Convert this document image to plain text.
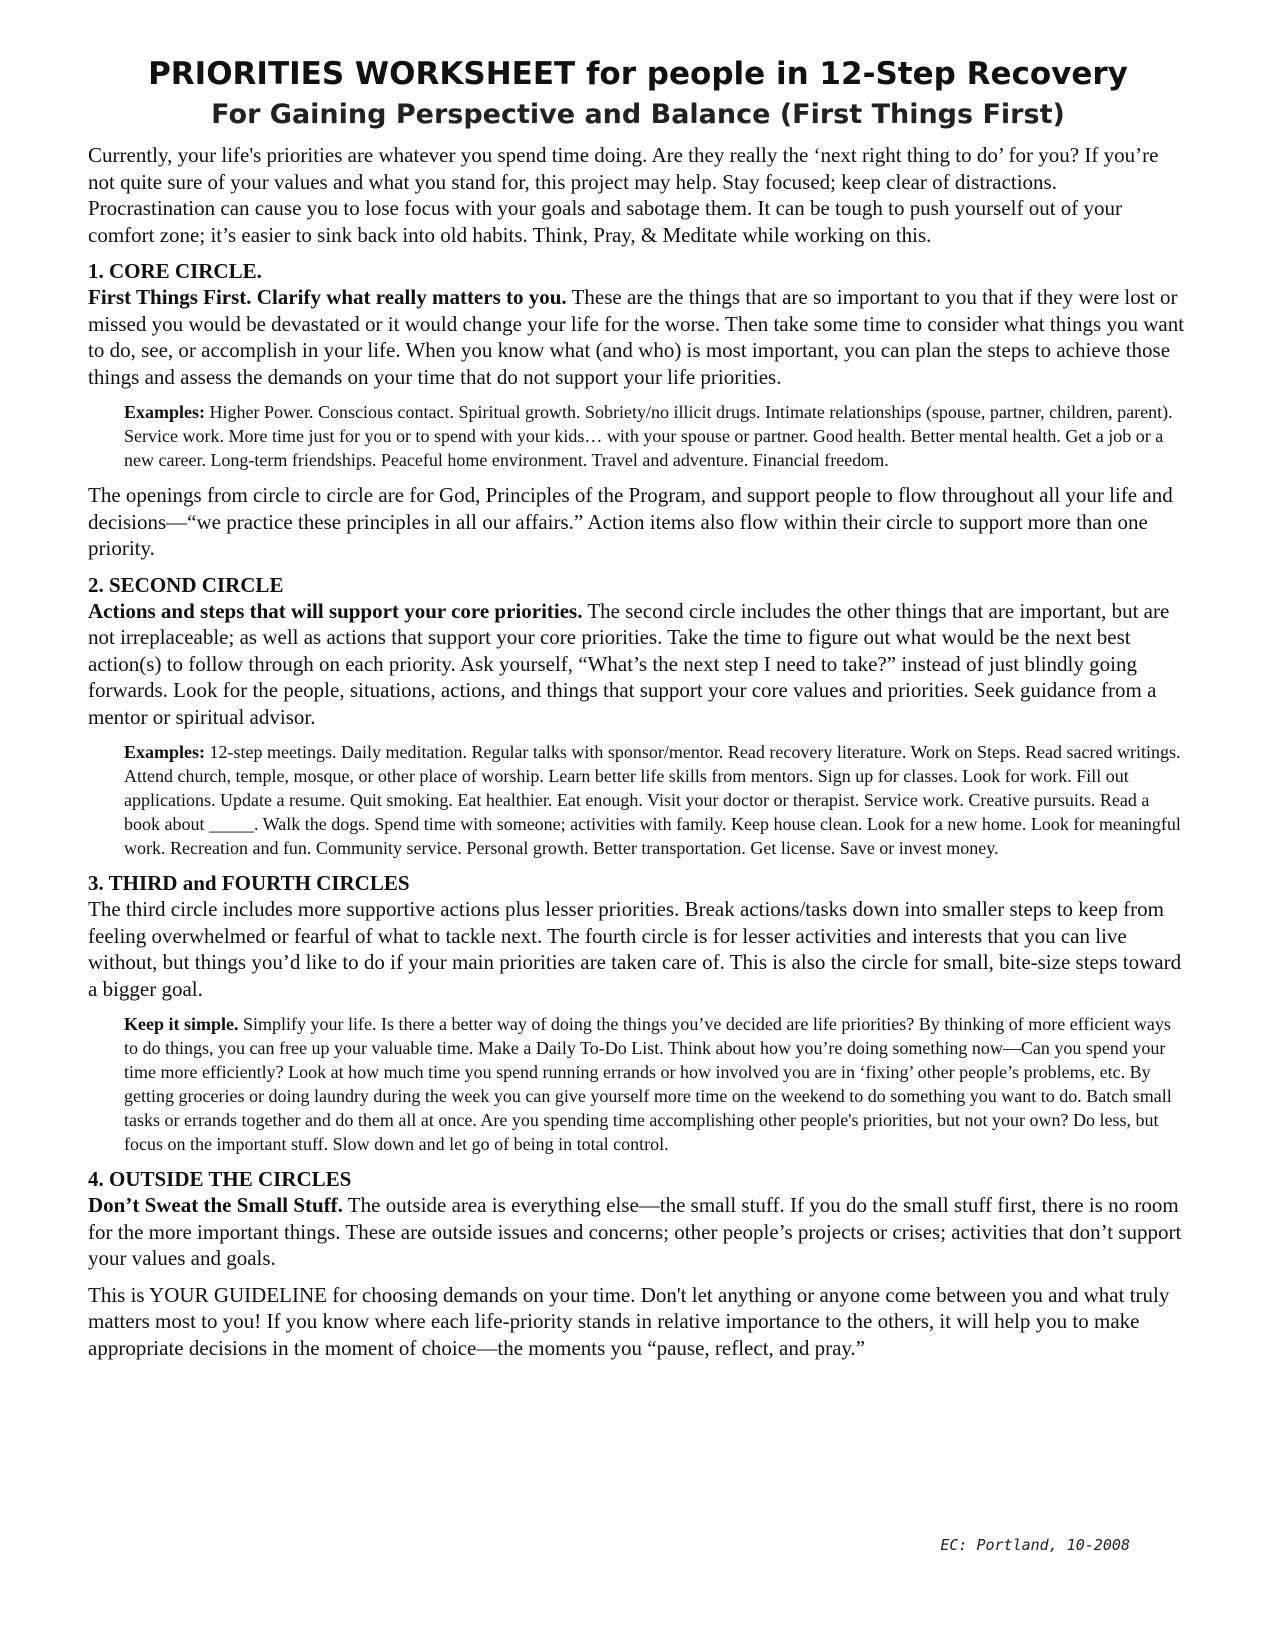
PRIORITIES WORKSHEET for people in 12-Step Recovery
For Gaining Perspective and Balance (First Things First)

Currently, your life's priorities are whatever you spend time doing. Are they really the ‘next right thing to do’ for you? If you’re not quite sure of your values and what you stand for, this project may help. Stay focused; keep clear of distractions. Procrastination can cause you to lose focus with your goals and sabotage them. It can be tough to push yourself out of your comfort zone; it’s easier to sink back into old habits. Think, Pray, & Meditate while working on this.

1. CORE CIRCLE.

First Things First. Clarify what really matters to you. These are the things that are so important to you that if they were lost or missed you would be devastated or it would change your life for the worse. Then take some time to consider what things you want to do, see, or accomplish in your life. When you know what (and who) is most important, you can plan the steps to achieve those things and assess the demands on your time that do not support your life priorities.

Examples: Higher Power. Conscious contact. Spiritual growth. Sobriety/no illicit drugs. Intimate relationships (spouse, partner, children, parent). Service work. More time just for you or to spend with your kids… with your spouse or partner. Good health. Better mental health. Get a job or a new career. Long-term friendships. Peaceful home environment. Travel and adventure. Financial freedom.

The openings from circle to circle are for God, Principles of the Program, and support people to flow throughout all your life and decisions—“we practice these principles in all our affairs.” Action items also flow within their circle to support more than one priority.

2. SECOND CIRCLE

Actions and steps that will support your core priorities. The second circle includes the other things that are important, but are not irreplaceable; as well as actions that support your core priorities. Take the time to figure out what would be the next best action(s) to follow through on each priority. Ask yourself, “What’s the next step I need to take?” instead of just blindly going forwards. Look for the people, situations, actions, and things that support your core values and priorities. Seek guidance from a mentor or spiritual advisor.

Examples: 12-step meetings. Daily meditation. Regular talks with sponsor/mentor. Read recovery literature. Work on Steps. Read sacred writings. Attend church, temple, mosque, or other place of worship. Learn better life skills from mentors. Sign up for classes. Look for work. Fill out applications. Update a resume. Quit smoking. Eat healthier. Eat enough. Visit your doctor or therapist. Service work. Creative pursuits. Read a book about _____. Walk the dogs. Spend time with someone; activities with family. Keep house clean. Look for a new home. Look for meaningful work. Recreation and fun. Community service. Personal growth. Better transportation. Get license. Save or invest money.

3. THIRD and FOURTH CIRCLES

The third circle includes more supportive actions plus lesser priorities. Break actions/tasks down into smaller steps to keep from feeling overwhelmed or fearful of what to tackle next. The fourth circle is for lesser activities and interests that you can live without, but things you’d like to do if your main priorities are taken care of. This is also the circle for small, bite-size steps toward a bigger goal.

Keep it simple. Simplify your life. Is there a better way of doing the things you’ve decided are life priorities? By thinking of more efficient ways to do things, you can free up your valuable time. Make a Daily To-Do List. Think about how you’re doing something now—Can you spend your time more efficiently? Look at how much time you spend running errands or how involved you are in ‘fixing’ other people’s problems, etc. By getting groceries or doing laundry during the week you can give yourself more time on the weekend to do something you want to do. Batch small tasks or errands together and do them all at once. Are you spending time accomplishing other people's priorities, but not your own? Do less, but focus on the important stuff. Slow down and let go of being in total control.

4. OUTSIDE THE CIRCLES

Don’t Sweat the Small Stuff. The outside area is everything else—the small stuff. If you do the small stuff first, there is no room for the more important things. These are outside issues and concerns; other people’s projects or crises; activities that don’t support your values and goals.

This is YOUR GUIDELINE for choosing demands on your time. Don't let anything or anyone come between you and what truly matters most to you! If you know where each life-priority stands in relative importance to the others, it will help you to make appropriate decisions in the moment of choice—the moments you “pause, reflect, and pray.”

EC: Portland, 10-2008
